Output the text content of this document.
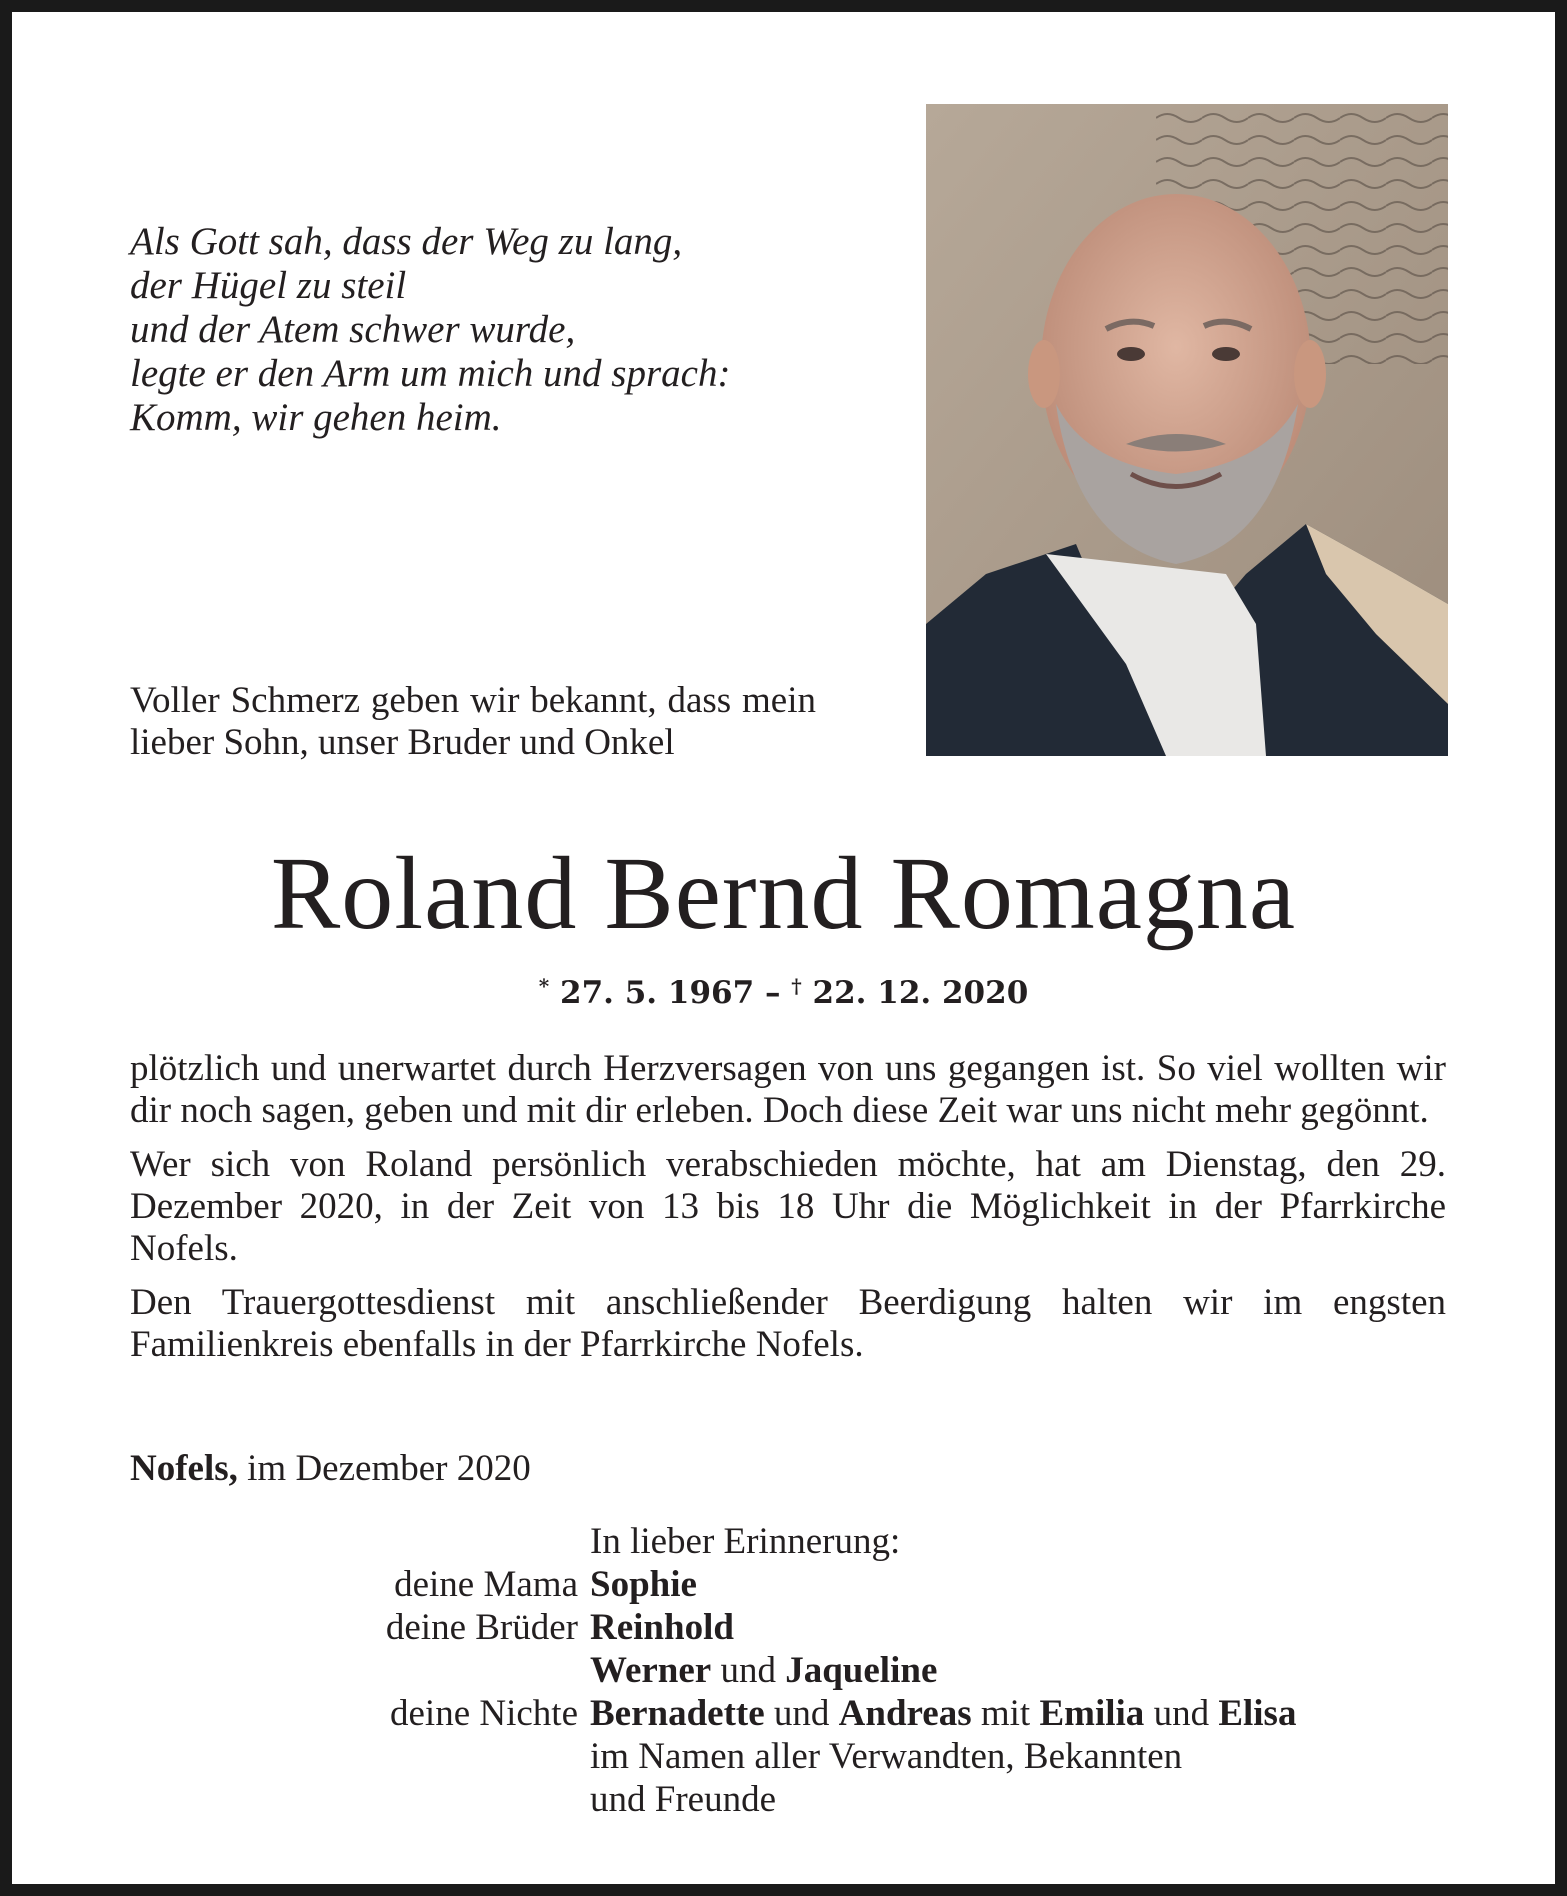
Als Gott sah, dass der Weg zu lang,
der Hügel zu steil
und der Atem schwer wurde,
legte er den Arm um mich und sprach:
Komm, wir gehen heim.
Voller Schmerz geben wir bekannt, dass mein lieber Sohn, unser Bruder und Onkel
Roland Bernd Romagna
* 27. 5. 1967 – † 22. 12. 2020

plötzlich und unerwartet durch Herzversagen von uns gegangen ist. So viel wollten wir dir noch sagen, geben und mit dir erleben. Doch diese Zeit war uns nicht mehr gegönnt.

Wer sich von Roland persönlich verabschieden möchte, hat am Dienstag, den 29. Dezember 2020, in der Zeit von 13 bis 18 Uhr die Möglichkeit in der Pfarrkirche Nofels.

Den Trauergottesdienst mit anschließender Beerdigung halten wir im engsten Familienkreis ebenfalls in der Pfarrkirche Nofels.

Nofels, im Dezember 2020
In lieber Erinnerung:
deine Mama Sophie
deine Brüder Reinhold
Werner und Jaqueline
deine Nichte Bernadette und Andreas mit Emilia und Elisa
im Namen aller Verwandten, Bekannten
und Freunde
